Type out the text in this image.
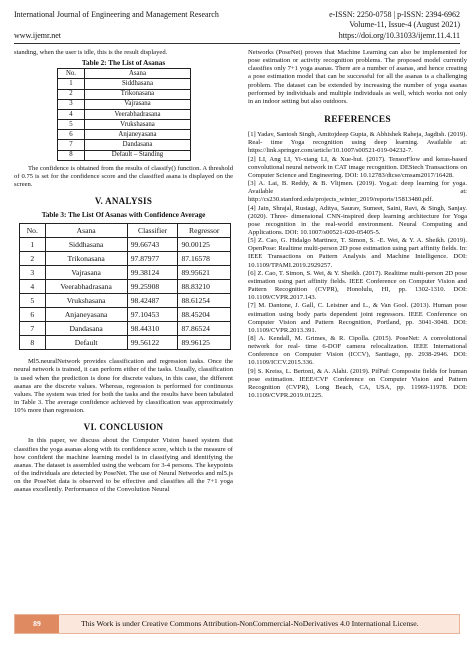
International Journal of Engineering and Management Research
www.ijemr.net
e-ISSN: 2250-0758 | p-ISSN: 2394-6962
Volume-11, Issue-4 (August 2021)
https://doi.org/10.31033/ijemr.11.4.11

standing, when the user is idle, this is the result displayed.

Table 2: The List of Asanas
No.	Asana
1	Siddhasana
2	Trikonasana
3	Vajrasana
4	Veerabhadrasana
5	Vrukshasana
6	Anjaneyasana
7	Dandasana
8	Default – Standing

The confidence is obtained from the results of classify() function. A threshold of 0.75 is set for the confidence score and the classified asana is displayed on the screen.

V. ANALYSIS
Table 3: The List Of Asanas with Confidence Average
No.	Asana	Classifier	Regressor
1	Siddhasana	99.66743	90.00125
2	Trikonasana	97.87977	87.16578
3	Vajrasana	99.38124	89.95621
4	Veerabhadrasana	99.25908	88.83210
5	Vrukshasana	98.42487	88.61254
6	Anjaneyasana	97.10453	88.45204
7	Dandasana	98.44310	87.86524
8	Default	99.56122	89.96125

Ml5.neuralNetwork provides classification and regression tasks. Once the neural network is trained, it can perform either of the tasks. Usually, classification is used when the prediction is done for discrete values, in this case, the different asanas are the discrete values. Whereas, regression is performed for continuous values. The system was tried for both the tasks and the results have been tabulated in Table 3. The average confidence achieved by classification was approximately 10% more than regression.

VI. CONCLUSION

In this paper, we discuss about the Computer Vision based system that classifies the yoga asanas along with its confidence score, which is the measure of how confident the machine learning model is in classifying and identifying the asanas. The dataset is assembled using the webcam for 3-4 persons. The keypoints of the individuals are detected by PoseNet. The use of Neural Networks and ml5.js on the PoseNet data is observed to be effective and classifies all the 7+1 yoga asanas excellently. Performance of the Convolution Neural

Networks (PoseNet) proves that Machine Learning can also be implemented for pose estimation or activity recognition problems. The proposed model currently classifies only 7+1 yoga asanas. There are a number of asanas, and hence creating a pose estimation model that can be successful for all the asanas is a challenging problem. The dataset can be extended by increasing the number of yoga asanas performed by individuals and multiple individuals as well, which works not only in an indoor setting but also outdoors.

REFERENCES

[1] Yadav, Santosh Singh, Amitojdeep Gupta, & Abhishek Raheja, Jagdish. (2019). Real- time Yoga recognition using deep learning. Available at: https://link.springer.com/article/10.1007/s00521-019-04232-7.

[2] LI, Ang LI, Yi-xiang LI, & Xue-hui. (2017). TensorFlow and keras-based convolutional neural network in CAT image recognition. DEStech Transactions on Computer Science and Engineering. DOI: 10.12783/dtcse/cmsam2017/16428.

[3] A. Lai, B. Reddy, & B. Vlijmen. (2019). Yog.ai: deep learning for yoga. Available at: http://cs230.stanford.edu/projects_winter_2019/reports/15813480.pdf.

[4] Jain, Shrajal, Rustagi, Aditya, Saurav, Sumeet, Saini, Ravi, & Singh, Sanjay. (2020). Three- dimensional CNN-inspired deep learning architecture for Yoga pose recognition in the real-world environment. Neural Computing and Applications. DOI: 10.1007/s00521-020-05405-5.

[5] Z. Cao, G. Hidalgo Martinez, T. Simon, S. -E. Wei, & Y. A. Sheikh. (2019). OpenPose: Realtime multi-person 2D pose estimation using part affinity fields. In: IEEE Transactions on Pattern Analysis and Machine Intelligence. DOI: 10.1109/TPAMI.2019.2929257.

[6] Z. Cao, T. Simon, S. Wei, & Y. Sheikh. (2017). Realtime multi-person 2D pose estimation using part affinity fields. IEEE Conference on Computer Vision and Pattern Recognition (CVPR), Honolulu, HI, pp. 1302-1310. DOI: 10.1109/CVPR.2017.143.

[7] M. Dantone, J. Gall, C. Leistner and L., & Van Gool. (2013). Human pose estimation using body parts dependent joint regressors. IEEE Conference on Computer Vision and Pattern Recognition, Portland, pp. 3041-3048. DOI: 10.1109/CVPR.2013.391.

[8] A. Kendall, M. Grimes, & R. Cipolla. (2015). PoseNet: A convolutional network for real- time 6-DOF camera relocalization. IEEE International Conference on Computer Vision (ICCV), Santiago, pp. 2938-2946. DOI: 10.1109/ICCV.2015.336.

[9] S. Kreiss, L. Bertoni, & A. Alahi. (2019). PifPaf: Composite fields for human pose estimation. IEEE/CVF Conference on Computer Vision and Pattern Recognition (CVPR), Long Beach, CA, USA, pp. 11969-11978. DOI: 10.1109/CVPR.2019.01225.

89	This Work is under Creative Commons Attribution-NonCommercial-NoDerivatives 4.0 International License.
